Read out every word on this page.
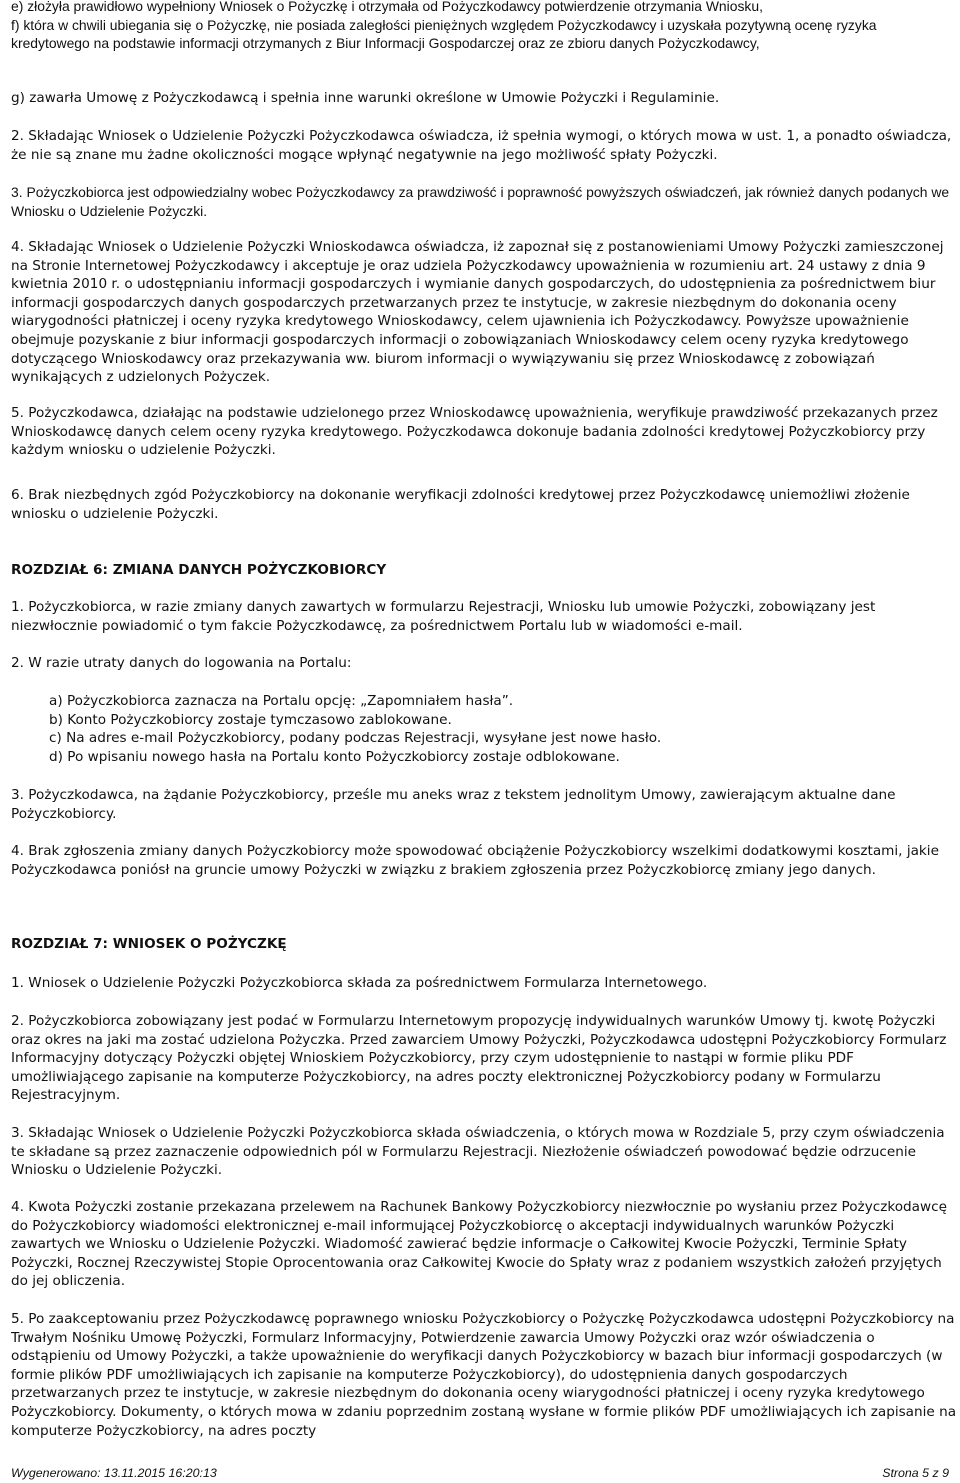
e) złożyła prawidłowo wypełniony Wniosek o Pożyczkę i otrzymała od Pożyczkodawcy potwierdzenie otrzymania Wniosku,

f) która w chwili ubiegania się o Pożyczkę, nie posiada zaległości pieniężnych względem Pożyczkodawcy i uzyskała pozytywną ocenę ryzyka kredytowego na podstawie informacji otrzymanych z Biur Informacji Gospodarczej oraz ze zbioru danych Pożyczkodawcy,

g) zawarła Umowę z Pożyczkodawcą i spełnia inne warunki określone w Umowie Pożyczki i Regulaminie.

2. Składając Wniosek o Udzielenie Pożyczki Pożyczkodawca oświadcza, iż spełnia wymogi, o których mowa w ust. 1, a ponadto oświadcza, że nie są znane mu żadne okoliczności mogące wpłynąć negatywnie na jego możliwość spłaty Pożyczki.

3. Pożyczkobiorca jest odpowiedzialny wobec Pożyczkodawcy za prawdziwość i poprawność powyższych oświadczeń, jak również danych podanych we Wniosku o Udzielenie Pożyczki.

4. Składając Wniosek o Udzielenie Pożyczki Wnioskodawca oświadcza, iż zapoznał się z postanowieniami Umowy Pożyczki zamieszczonej na Stronie Internetowej Pożyczkodawcy i akceptuje je oraz udziela Pożyczkodawcy upoważnienia w rozumieniu art. 24 ustawy z dnia 9 kwietnia 2010 r. o udostępnianiu informacji gospodarczych i wymianie danych gospodarczych, do udostępnienia za pośrednictwem biur informacji gospodarczych danych gospodarczych przetwarzanych przez te instytucje, w zakresie niezbędnym do dokonania oceny wiarygodności płatniczej i oceny ryzyka kredytowego Wnioskodawcy, celem ujawnienia ich Pożyczkodawcy. Powyższe upoważnienie obejmuje pozyskanie z biur informacji gospodarczych informacji o zobowiązaniach Wnioskodawcy celem oceny ryzyka kredytowego dotyczącego Wnioskodawcy oraz przekazywania ww. biurom informacji o wywiązywaniu się przez Wnioskodawcę z zobowiązań wynikających z udzielonych Pożyczek.

5. Pożyczkodawca, działając na podstawie udzielonego przez Wnioskodawcę upoważnienia, weryfikuje prawdziwość przekazanych przez Wnioskodawcę danych celem oceny ryzyka kredytowego. Pożyczkodawca dokonuje badania zdolności kredytowej Pożyczkobiorcy przy każdym wniosku o udzielenie Pożyczki.

6. Brak niezbędnych zgód Pożyczkobiorcy na dokonanie weryfikacji zdolności kredytowej przez Pożyczkodawcę uniemożliwi złożenie wniosku o udzielenie Pożyczki.

ROZDZIAŁ 6: ZMIANA DANYCH POŻYCZKOBIORCY

1. Pożyczkobiorca, w razie zmiany danych zawartych w formularzu Rejestracji, Wniosku lub umowie Pożyczki, zobowiązany jest niezwłocznie powiadomić o tym fakcie Pożyczkodawcę, za pośrednictwem Portalu lub w wiadomości e-mail.

2. W razie utraty danych do logowania na Portalu:

a) Pożyczkobiorca zaznacza na Portalu opcję: „Zapomniałem hasła”.

b) Konto Pożyczkobiorcy zostaje tymczasowo zablokowane.

c) Na adres e-mail Pożyczkobiorcy, podany podczas Rejestracji, wysyłane jest nowe hasło.

d) Po wpisaniu nowego hasła na Portalu konto Pożyczkobiorcy zostaje odblokowane.

3. Pożyczkodawca, na żądanie Pożyczkobiorcy, prześle mu aneks wraz z tekstem jednolitym Umowy, zawierającym aktualne dane Pożyczkobiorcy.

4. Brak zgłoszenia zmiany danych Pożyczkobiorcy może spowodować obciążenie Pożyczkobiorcy wszelkimi dodatkowymi kosztami, jakie Pożyczkodawca poniósł na gruncie umowy Pożyczki w związku z brakiem zgłoszenia przez Pożyczkobiorcę zmiany jego danych.

ROZDZIAŁ 7: WNIOSEK O POŻYCZKĘ

1. Wniosek o Udzielenie Pożyczki Pożyczkobiorca składa za pośrednictwem Formularza Internetowego.

2. Pożyczkobiorca zobowiązany jest podać w Formularzu Internetowym propozycję indywidualnych warunków Umowy tj. kwotę Pożyczki oraz okres na jaki ma zostać udzielona Pożyczka. Przed zawarciem Umowy Pożyczki, Pożyczkodawca udostępni Pożyczkobiorcy Formularz Informacyjny dotyczący Pożyczki objętej Wnioskiem Pożyczkobiorcy, przy czym udostępnienie to nastąpi w formie pliku PDF umożliwiającego zapisanie na komputerze Pożyczkobiorcy, na adres poczty elektronicznej Pożyczkobiorcy podany w Formularzu Rejestracyjnym.

3. Składając Wniosek o Udzielenie Pożyczki Pożyczkobiorca składa oświadczenia, o których mowa w Rozdziale 5, przy czym oświadczenia te składane są przez zaznaczenie odpowiednich pól w Formularzu Rejestracji. Niezłożenie oświadczeń powodować będzie odrzucenie Wniosku o Udzielenie Pożyczki.

4. Kwota Pożyczki zostanie przekazana przelewem na Rachunek Bankowy Pożyczkobiorcy niezwłocznie po wysłaniu przez Pożyczkodawcę do Pożyczkobiorcy wiadomości elektronicznej e-mail informującej Pożyczkobiorcę o akceptacji indywidualnych warunków Pożyczki zawartych we Wniosku o Udzielenie Pożyczki. Wiadomość zawierać będzie informacje o Całkowitej Kwocie Pożyczki, Terminie Spłaty Pożyczki, Rocznej Rzeczywistej Stopie Oprocentowania oraz Całkowitej Kwocie do Spłaty wraz z podaniem wszystkich założeń przyjętych do jej obliczenia.

5. Po zaakceptowaniu przez Pożyczkodawcę poprawnego wniosku Pożyczkobiorcy o Pożyczkę Pożyczkodawca udostępni Pożyczkobiorcy na Trwałym Nośniku Umowę Pożyczki, Formularz Informacyjny, Potwierdzenie zawarcia Umowy Pożyczki oraz wzór oświadczenia o odstąpieniu od Umowy Pożyczki, a także upoważnienie do weryfikacji danych Pożyczkobiorcy w bazach biur informacji gospodarczych (w formie plików PDF umożliwiających ich zapisanie na komputerze Pożyczkobiorcy), do udostępnienia danych gospodarczych przetwarzanych przez te instytucje, w zakresie niezbędnym do dokonania oceny wiarygodności płatniczej i oceny ryzyka kredytowego Pożyczkobiorcy. Dokumenty, o których mowa w zdaniu poprzednim zostaną wysłane w formie plików PDF umożliwiających ich zapisanie na komputerze Pożyczkobiorcy, na adres poczty

Wygenerowano: 13.11.2015 16:20:13	Strona 5 z 9
